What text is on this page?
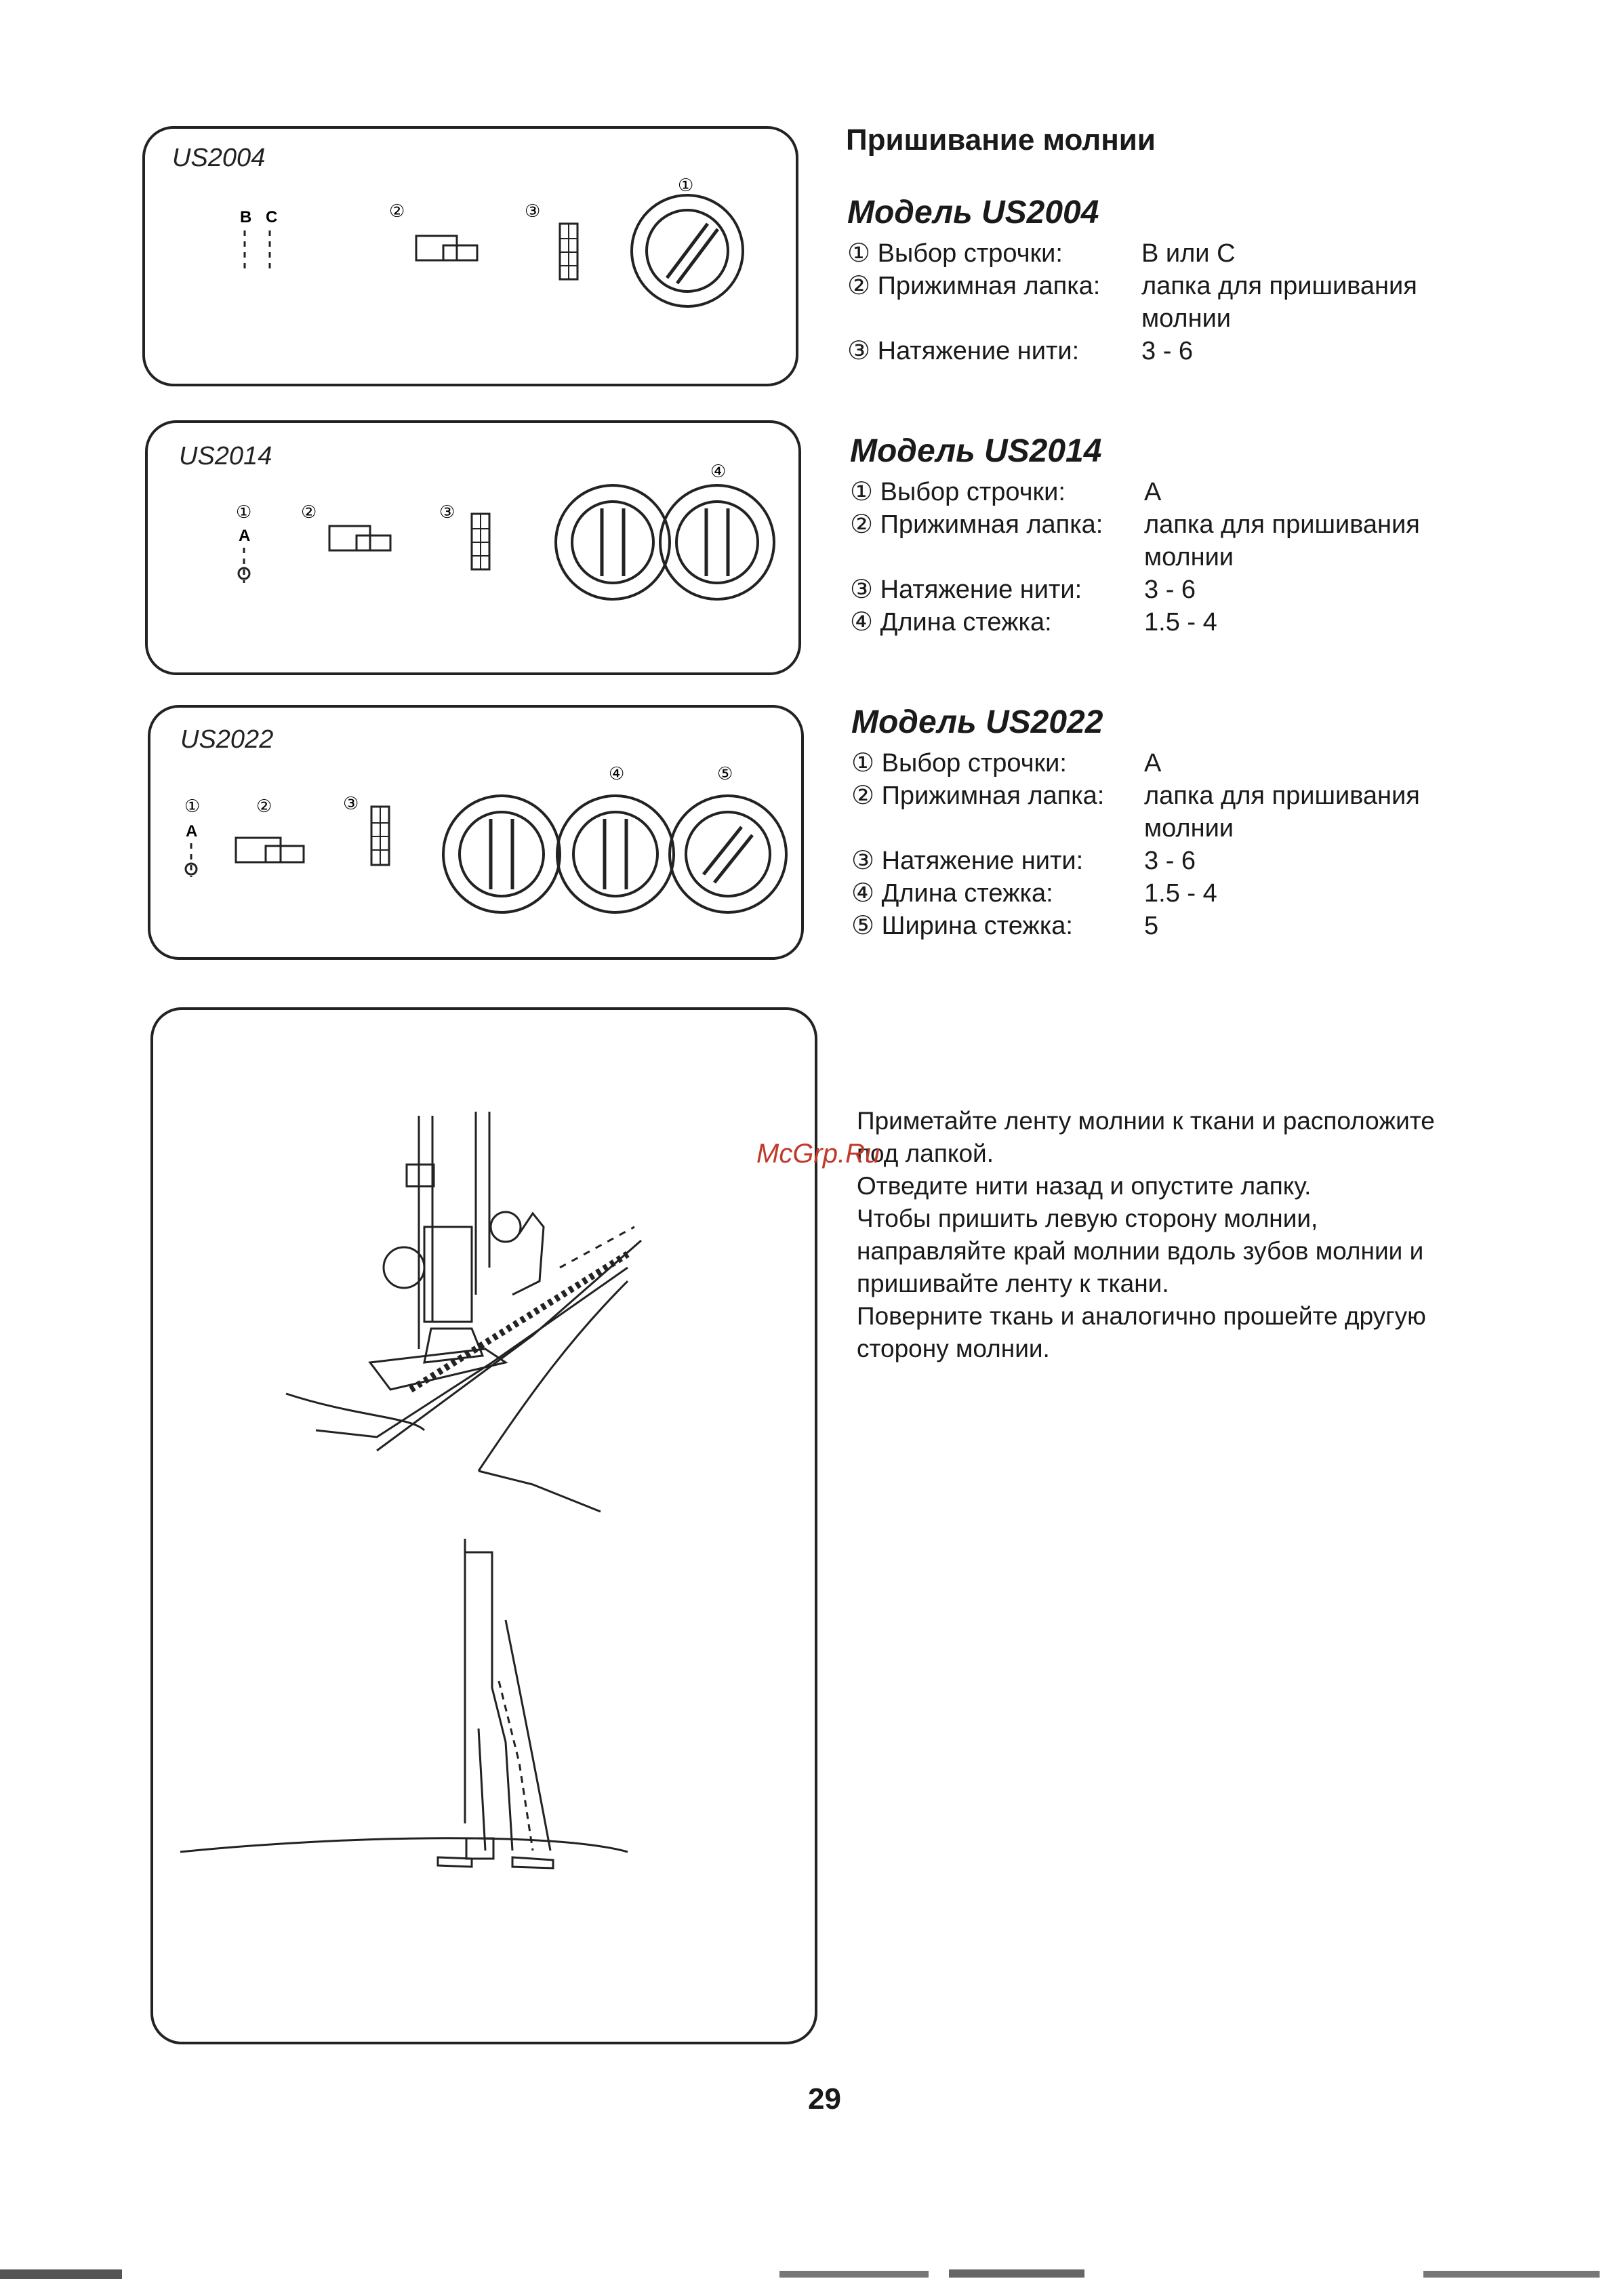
US2004
B C	②	③
①
US2014
①
A
②	③
④
US2022
①
A
②	③
④	⑤
Пришивание молнии
Модель US2004
① Выбор строчки:	В или С
② Прижимная лапка: лапка для пришивания молнии
③ Натяжение нити: 3 - 6
Модель US2014
① Выбор строчки:	A
② Прижимная лапка: лапка для пришивания молнии
③ Натяжение нити: 3 - 6
④ Длина стежка:	1.5 - 4
Модель US2022
① Выбор строчки:	A
② Прижимная лапка: лапка для пришивания молнии
③ Натяжение нити: 3 - 6
④ Длина стежка:	1.5 - 4
⑤ Ширина стежка:	5

Приметайте ленту молнии к ткани и расположите под лапкой.

Отведите нити назад и опустите лапку.

Чтобы пришить левую сторону молнии, направляйте край молнии вдоль зубов молнии и пришивайте ленту к ткани.

Поверните ткань и аналогично прошейте другую сторону молнии.

McGrp.Ru
29
